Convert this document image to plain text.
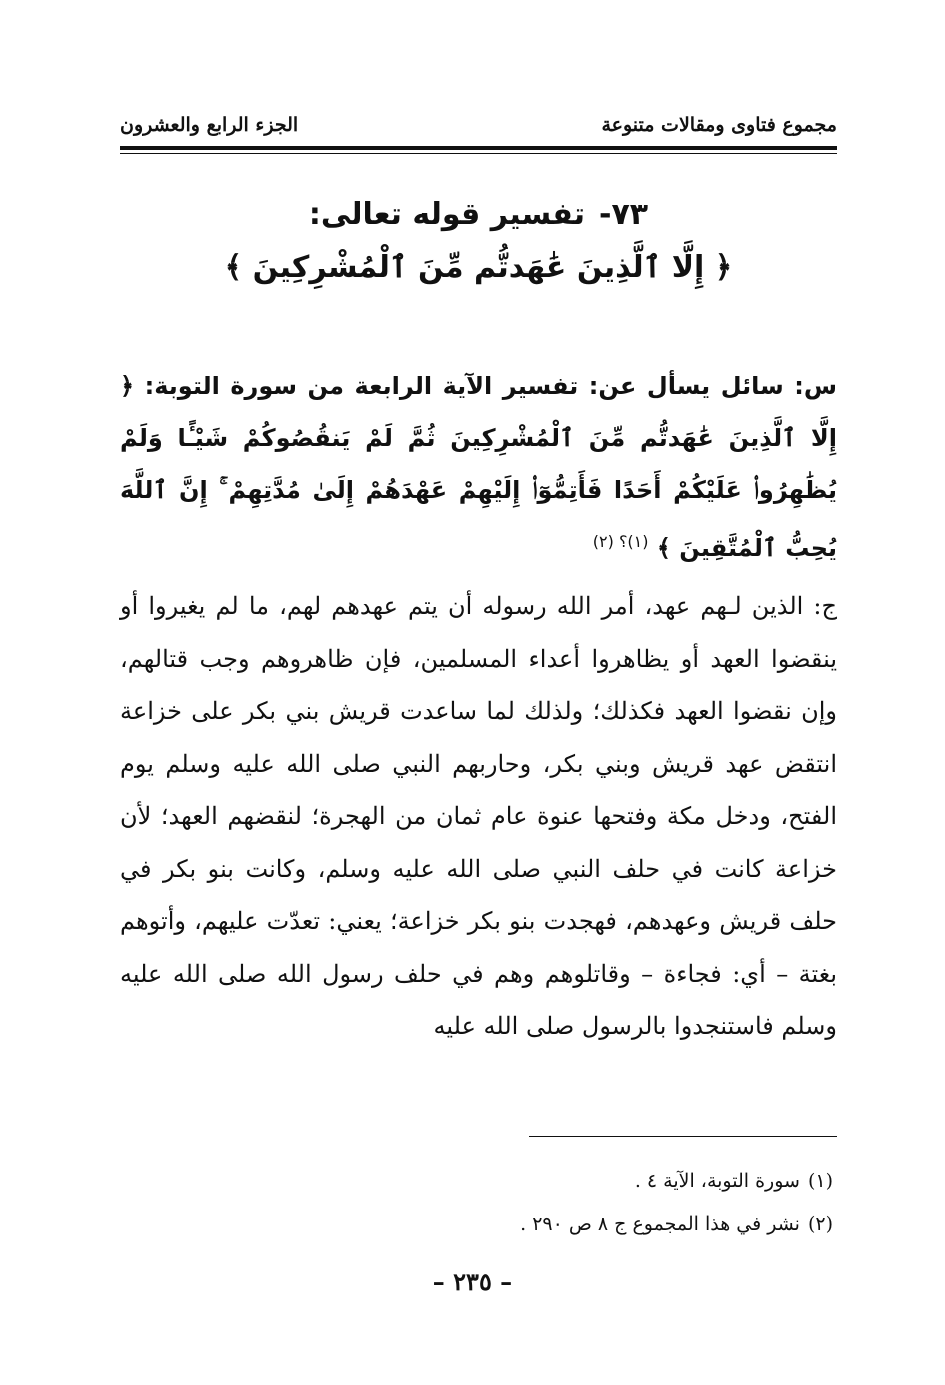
مجموع فتاوى ومقالات متنوعة
الجزء الرابع والعشرون
٧٣-تفسير قوله تعالى:
﴿ إِلَّا ٱلَّذِينَ عَٰهَدتُّم مِّنَ ٱلْمُشْرِكِينَ ﴾

س: سائل يسأل عن: تفسير الآية الرابعة من سورة التوبة: ﴿ إِلَّا ٱلَّذِينَ عَٰهَدتُّم مِّنَ ٱلْمُشْرِكِينَ ثُمَّ لَمْ يَنقُصُوكُمْ شَيْـًٔا وَلَمْ يُظَٰهِرُوا۟ عَلَيْكُمْ أَحَدًا فَأَتِمُّوٓا۟ إِلَيْهِمْ عَهْدَهُمْ إِلَىٰ مُدَّتِهِمْ ۚ إِنَّ ٱللَّهَ يُحِبُّ ٱلْمُتَّقِينَ ﴾ $^{(١)؟ (٢)}$

ج: الذين لـهم عهد، أمر الله رسوله أن يتم عهدهم لهم، ما لم يغيروا أو ينقضوا العهد أو يظاهروا أعداء المسلمين، فإن ظاهروهم وجب قتالهم، وإن نقضوا العهد فكذلك؛ ولذلك لما ساعدت قريش بني بكر على خزاعة انتقض عهد قريش وبني بكر، وحاربهم النبي صلى الله عليه وسلم يوم الفتح، ودخل مكة وفتحها عنوة عام ثمان من الهجرة؛ لنقضهم العهد؛ لأن خزاعة كانت في حلف النبي صلى الله عليه وسلم، وكانت بنو بكر في حلف قريش وعهدهم، فهجدت بنو بكر خزاعة؛ يعني: تعدّت عليهم، وأتوهم بغتة – أي: فجاءة – وقاتلوهم وهم في حلف رسول الله صلى الله عليه وسلم فاستنجدوا بالرسول صلى الله عليه

(١)سورة التوبة، الآية ٤ .
(٢)نشر في هذا المجموع ج ٨ ص ٢٩٠ .
– ٢٣٥ –
